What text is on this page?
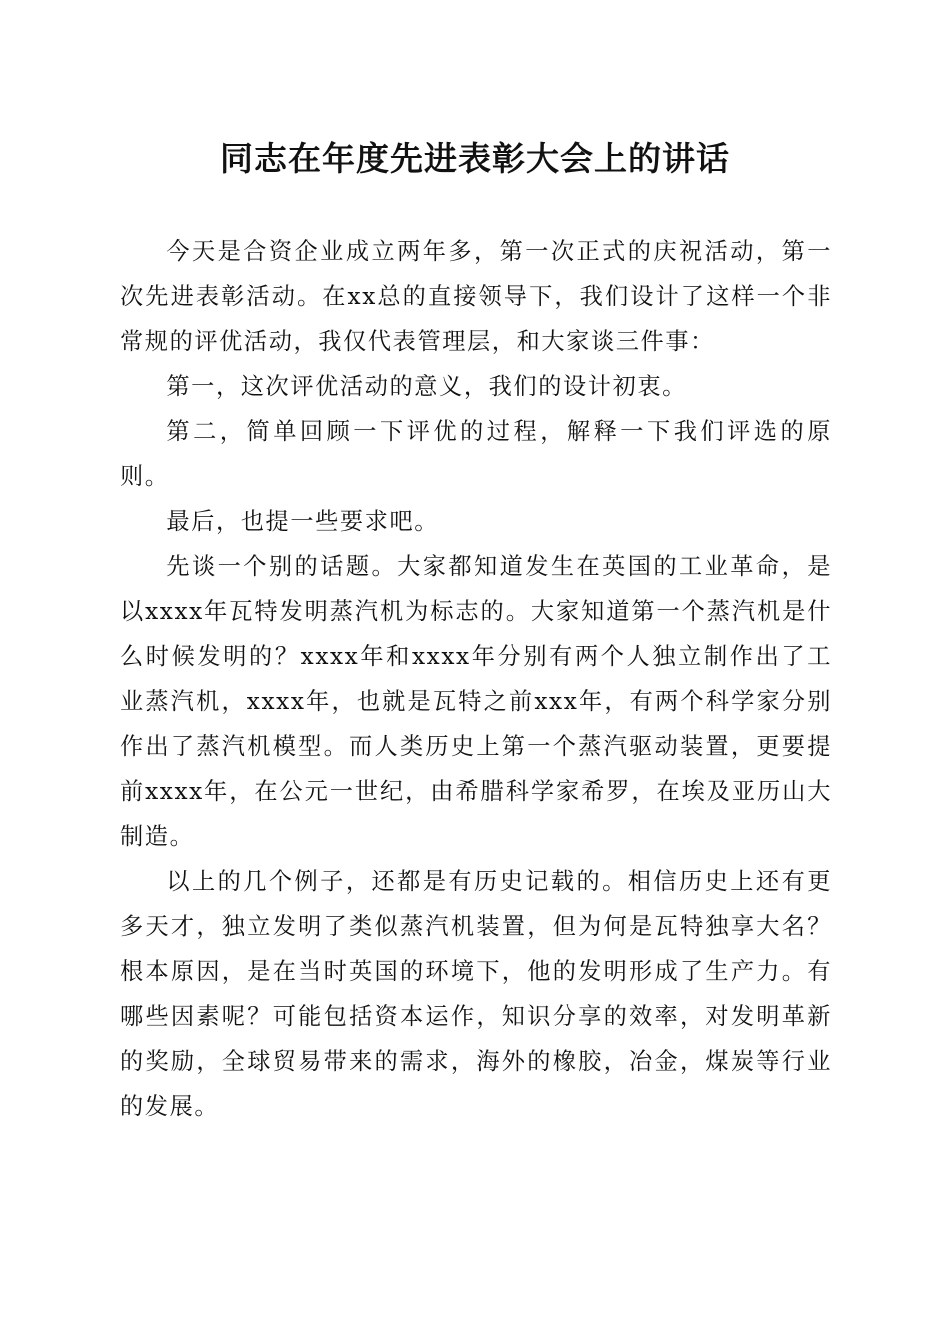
同志在年度先进表彰大会上的讲话

今天是合资企业成立两年多，第一次正式的庆祝活动，第一次先进表彰活动。在xx总的直接领导下，我们设计了这样一个非常规的评优活动，我仅代表管理层，和大家谈三件事：

第一，这次评优活动的意义，我们的设计初衷。

第二，简单回顾一下评优的过程，解释一下我们评选的原则。

最后，也提一些要求吧。

先谈一个别的话题。大家都知道发生在英国的工业革命，是以xxxx年瓦特发明蒸汽机为标志的。大家知道第一个蒸汽机是什么时候发明的？xxxx年和xxxx年分别有两个人独立制作出了工业蒸汽机，xxxx年，也就是瓦特之前xxx年，有两个科学家分别作出了蒸汽机模型。而人类历史上第一个蒸汽驱动装置，更要提前xxxx年，在公元一世纪，由希腊科学家希罗，在埃及亚历山大制造。

以上的几个例子，还都是有历史记载的。相信历史上还有更多天才，独立发明了类似蒸汽机装置，但为何是瓦特独享大名？根本原因，是在当时英国的环境下，他的发明形成了生产力。有哪些因素呢？可能包括资本运作，知识分享的效率，对发明革新的奖励，全球贸易带来的需求，海外的橡胶，冶金，煤炭等行业的发展。
